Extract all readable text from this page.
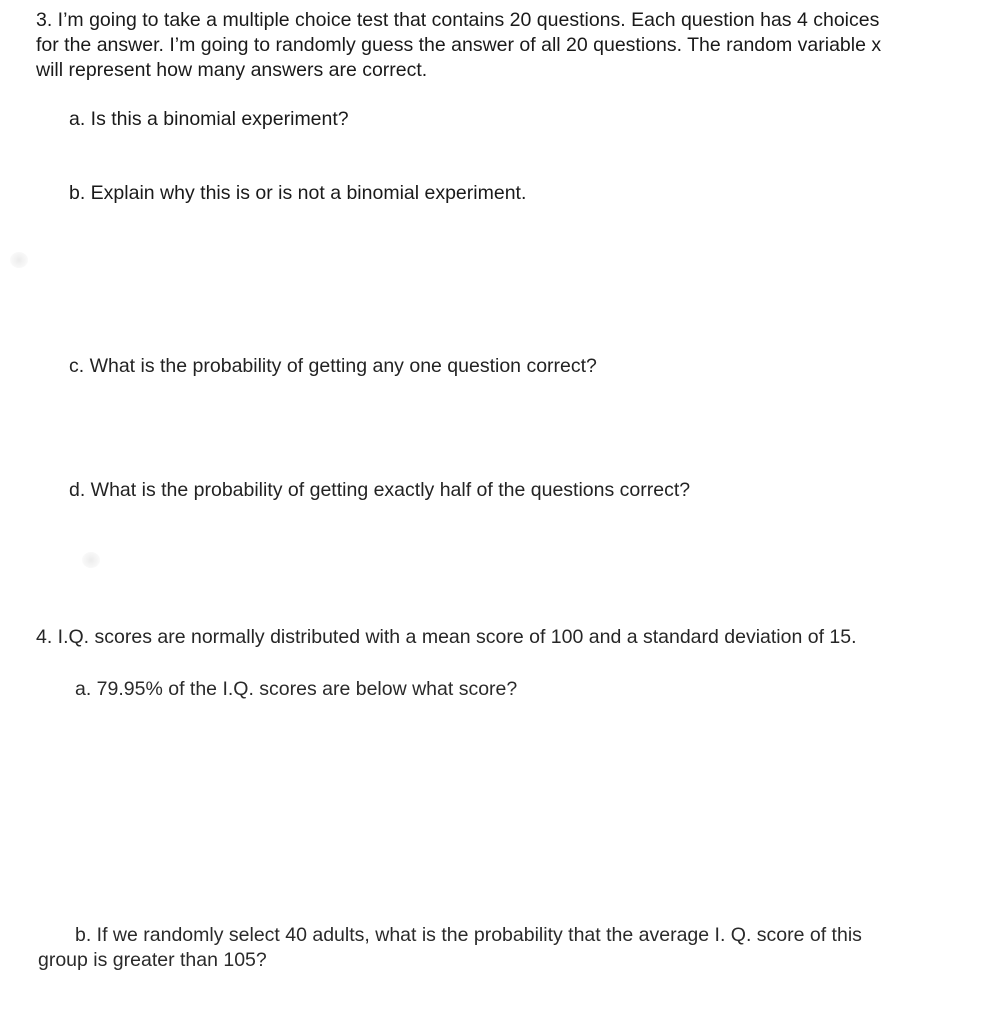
3. I’m going to take a multiple choice test that contains 20 questions. Each question has 4 choices
for the answer. I’m going to randomly guess the answer of all 20 questions. The random variable x
will represent how many answers are correct.

a. Is this a binomial experiment?

b. Explain why this is or is not a binomial experiment.

c. What is the probability of getting any one question correct?

d. What is the probability of getting exactly half of the questions correct?

4. I.Q. scores are normally distributed with a mean score of 100 and a standard deviation of 15.

a. 79.95% of the I.Q. scores are below what score?

b. If we randomly select 40 adults, what is the probability that the average I. Q. score of this
group is greater than 105?
